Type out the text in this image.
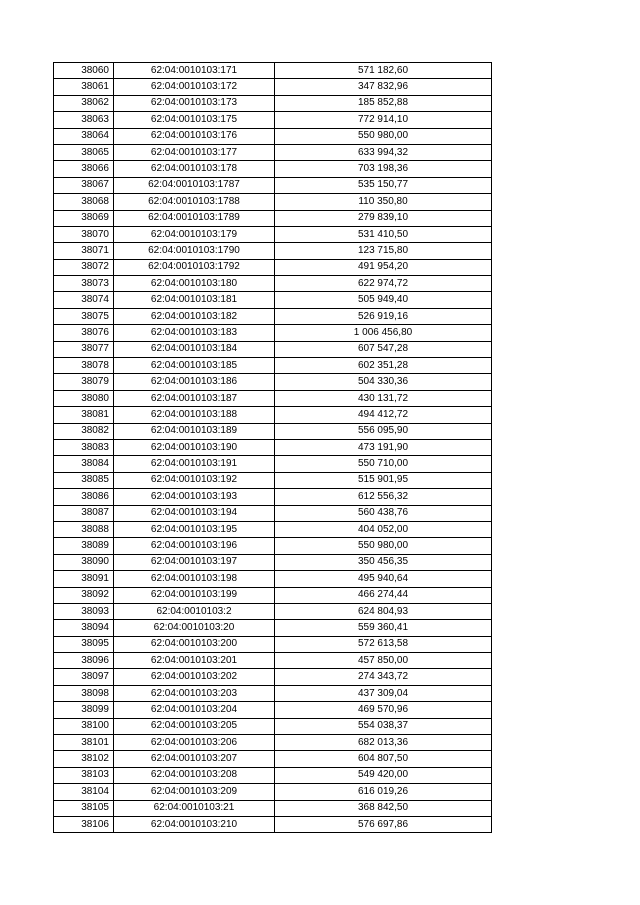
38060	62:04:0010103:171	571 182,60
38061	62:04:0010103:172	347 832,96
38062	62:04:0010103:173	185 852,88
38063	62:04:0010103:175	772 914,10
38064	62:04:0010103:176	550 980,00
38065	62:04:0010103:177	633 994,32
38066	62:04:0010103:178	703 198,36
38067	62:04:0010103:1787	535 150,77
38068	62:04:0010103:1788	110 350,80
38069	62:04:0010103:1789	279 839,10
38070	62:04:0010103:179	531 410,50
38071	62:04:0010103:1790	123 715,80
38072	62:04:0010103:1792	491 954,20
38073	62:04:0010103:180	622 974,72
38074	62:04:0010103:181	505 949,40
38075	62:04:0010103:182	526 919,16
38076	62:04:0010103:183	1 006 456,80
38077	62:04:0010103:184	607 547,28
38078	62:04:0010103:185	602 351,28
38079	62:04:0010103:186	504 330,36
38080	62:04:0010103:187	430 131,72
38081	62:04:0010103:188	494 412,72
38082	62:04:0010103:189	556 095,90
38083	62:04:0010103:190	473 191,90
38084	62:04:0010103:191	550 710,00
38085	62:04:0010103:192	515 901,95
38086	62:04:0010103:193	612 556,32
38087	62:04:0010103:194	560 438,76
38088	62:04:0010103:195	404 052,00
38089	62:04:0010103:196	550 980,00
38090	62:04:0010103:197	350 456,35
38091	62:04:0010103:198	495 940,64
38092	62:04:0010103:199	466 274,44
38093	62:04:0010103:2	624 804,93
38094	62:04:0010103:20	559 360,41
38095	62:04:0010103:200	572 613,58
38096	62:04:0010103:201	457 850,00
38097	62:04:0010103:202	274 343,72
38098	62:04:0010103:203	437 309,04
38099	62:04:0010103:204	469 570,96
38100	62:04:0010103:205	554 038,37
38101	62:04:0010103:206	682 013,36
38102	62:04:0010103:207	604 807,50
38103	62:04:0010103:208	549 420,00
38104	62:04:0010103:209	616 019,26
38105	62:04:0010103:21	368 842,50
38106	62:04:0010103:210	576 697,86
